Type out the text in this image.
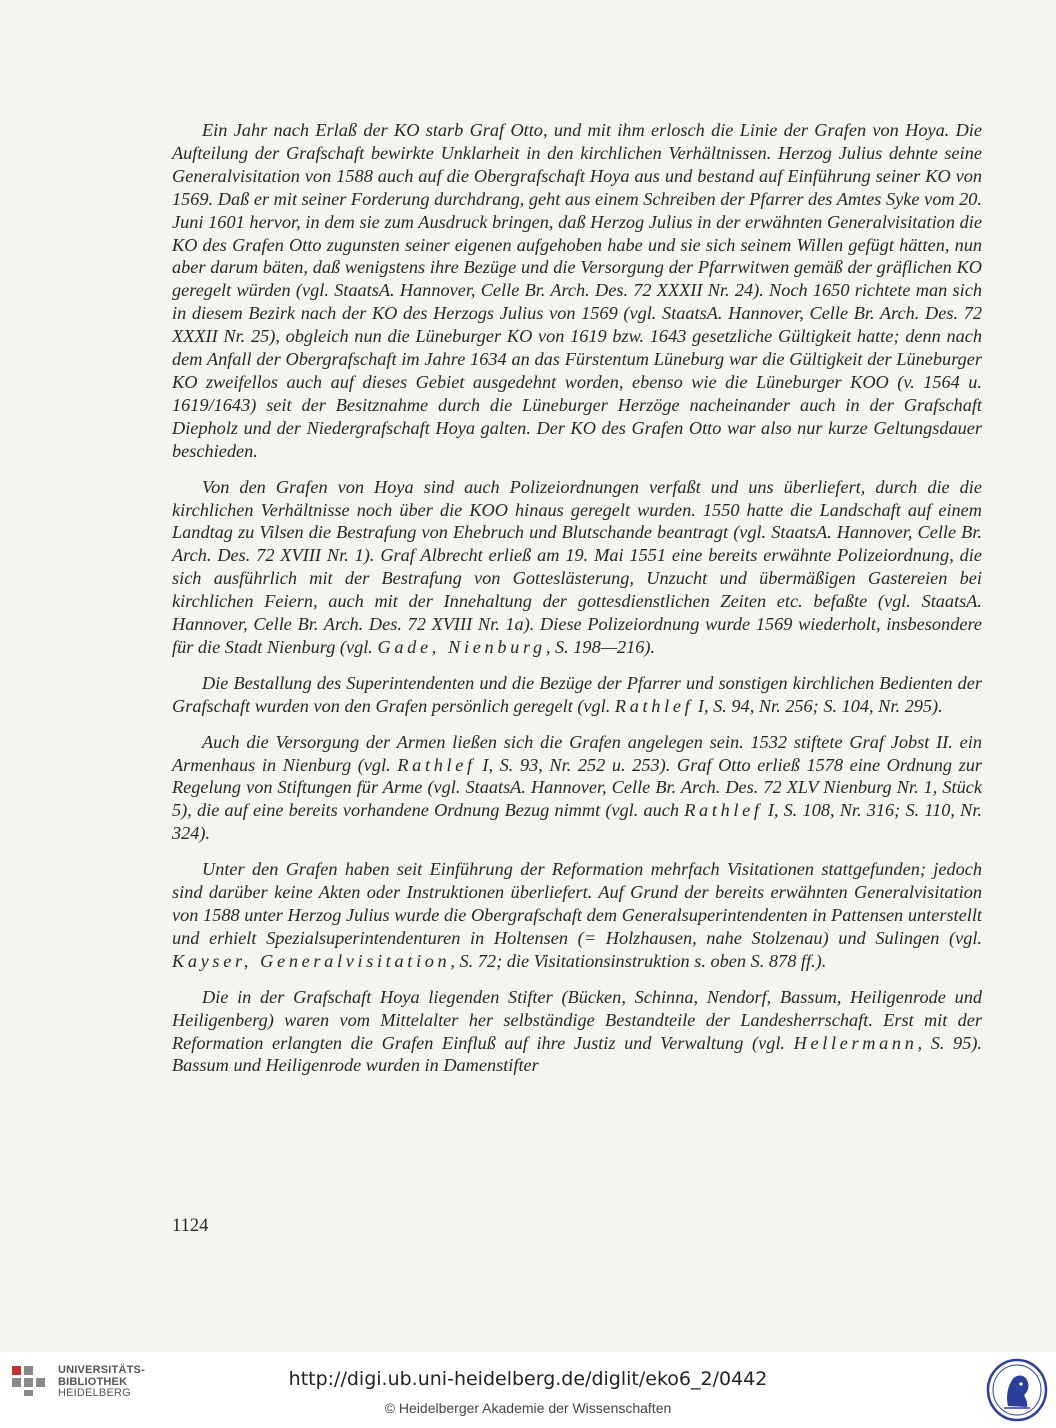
Ein Jahr nach Erlaß der KO starb Graf Otto, und mit ihm erlosch die Linie der Grafen von Hoya. Die Aufteilung der Grafschaft bewirkte Unklarheit in den kirchlichen Verhältnissen. Herzog Julius dehnte seine Generalvisitation von 1588 auch auf die Obergrafschaft Hoya aus und bestand auf Einführung seiner KO von 1569. Daß er mit seiner Forderung durchdrang, geht aus einem Schreiben der Pfarrer des Amtes Syke vom 20. Juni 1601 hervor, in dem sie zum Ausdruck bringen, daß Herzog Julius in der erwähnten Generalvisitation die KO des Grafen Otto zugunsten seiner eigenen aufgehoben habe und sie sich seinem Willen gefügt hätten, nun aber darum bäten, daß wenigstens ihre Bezüge und die Versorgung der Pfarrwitwen gemäß der gräflichen KO geregelt würden (vgl. StaatsA. Hannover, Celle Br. Arch. Des. 72 XXXII Nr. 24). Noch 1650 richtete man sich in diesem Bezirk nach der KO des Herzogs Julius von 1569 (vgl. StaatsA. Hannover, Celle Br. Arch. Des. 72 XXXII Nr. 25), obgleich nun die Lüneburger KO von 1619 bzw. 1643 gesetzliche Gültigkeit hatte; denn nach dem Anfall der Obergrafschaft im Jahre 1634 an das Fürstentum Lüneburg war die Gültigkeit der Lüneburger KO zweifellos auch auf dieses Gebiet ausgedehnt worden, ebenso wie die Lüneburger KOO (v. 1564 u. 1619/1643) seit der Besitznahme durch die Lüneburger Herzöge nacheinander auch in der Grafschaft Diepholz und der Niedergrafschaft Hoya galten. Der KO des Grafen Otto war also nur kurze Geltungsdauer beschieden.

Von den Grafen von Hoya sind auch Polizeiordnungen verfaßt und uns überliefert, durch die die kirchlichen Verhältnisse noch über die KOO hinaus geregelt wurden. 1550 hatte die Landschaft auf einem Landtag zu Vilsen die Bestrafung von Ehebruch und Blutschande beantragt (vgl. StaatsA. Hannover, Celle Br. Arch. Des. 72 XVIII Nr. 1). Graf Albrecht erließ am 19. Mai 1551 eine bereits erwähnte Polizeiordnung, die sich ausführlich mit der Bestrafung von Gotteslästerung, Unzucht und übermäßigen Gastereien bei kirchlichen Feiern, auch mit der Innehaltung der gottesdienstlichen Zeiten etc. befaßte (vgl. StaatsA. Hannover, Celle Br. Arch. Des. 72 XVIII Nr. 1a). Diese Polizeiordnung wurde 1569 wiederholt, insbesondere für die Stadt Nienburg (vgl. Gade, Nienburg, S. 198—216).

Die Bestallung des Superintendenten und die Bezüge der Pfarrer und sonstigen kirchlichen Bedienten der Grafschaft wurden von den Grafen persönlich geregelt (vgl. Rathlef I, S. 94, Nr. 256; S. 104, Nr. 295).

Auch die Versorgung der Armen ließen sich die Grafen angelegen sein. 1532 stiftete Graf Jobst II. ein Armenhaus in Nienburg (vgl. Rathlef I, S. 93, Nr. 252 u. 253). Graf Otto erließ 1578 eine Ordnung zur Regelung von Stiftungen für Arme (vgl. StaatsA. Hannover, Celle Br. Arch. Des. 72 XLV Nienburg Nr. 1, Stück 5), die auf eine bereits vorhandene Ordnung Bezug nimmt (vgl. auch Rathlef I, S. 108, Nr. 316; S. 110, Nr. 324).

Unter den Grafen haben seit Einführung der Reformation mehrfach Visitationen stattgefunden; jedoch sind darüber keine Akten oder Instruktionen überliefert. Auf Grund der bereits erwähnten Generalvisitation von 1588 unter Herzog Julius wurde die Obergrafschaft dem Generalsuperintendenten in Pattensen unterstellt und erhielt Spezialsuperintendenturen in Holtensen (= Holzhausen, nahe Stolzenau) und Sulingen (vgl. Kayser, Generalvisitation, S. 72; die Visitationsinstruktion s. oben S. 878 ff.).

Die in der Grafschaft Hoya liegenden Stifter (Bücken, Schinna, Nendorf, Bassum, Heiligenrode und Heiligenberg) waren vom Mittelalter her selbständige Bestandteile der Landesherrschaft. Erst mit der Reformation erlangten die Grafen Einfluß auf ihre Justiz und Verwaltung (vgl. Hellermann, S. 95). Bassum und Heiligenrode wurden in Damenstifter

1124
UNIVERSITÄTS-
BIBLIOTHEK
HEIDELBERG
http://digi.ub.uni-heidelberg.de/diglit/eko6_2/0442
© Heidelberger Akademie der Wissenschaften
